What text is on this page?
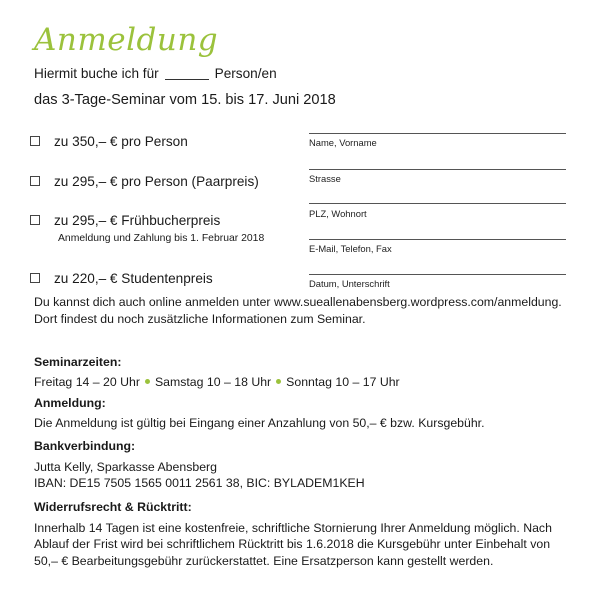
Anmeldung
Hiermit buche ich für	Person/en
das 3-Tage-Seminar vom 15. bis 17. Juni 2018
zu 350,– € pro Person
zu 295,– € pro Person (Paarpreis)
zu 295,– € Frühbucherpreis
Anmeldung und Zahlung bis 1. Februar 2018
zu 220,– € Studentenpreis
Name, Vorname
Strasse
PLZ, Wohnort
E-Mail, Telefon, Fax
Datum, Unterschrift
Du kannst dich auch online anmelden unter www.sueallenabensberg.wordpress.com/anmeldung.
Dort findest du noch zusätzliche Informationen zum Seminar.
Seminarzeiten:
Freitag 14 – 20 Uhr Samstag 10 – 18 Uhr Sonntag 10 – 17 Uhr
Anmeldung:
Die Anmeldung ist gültig bei Eingang einer Anzahlung von 50,– € bzw. Kursgebühr.
Bankverbindung:
Jutta Kelly, Sparkasse Abensberg
IBAN: DE15 7505 1565 0011 2561 38, BIC: BYLADEM1KEH
Widerrufsrecht & Rücktritt:
Innerhalb 14 Tagen ist eine kostenfreie, schriftliche Stornierung Ihrer Anmeldung möglich. Nach
Ablauf der Frist wird bei schriftlichem Rücktritt bis 1.6.2018 die Kursgebühr unter Einbehalt von
50,– € Bearbeitungsgebühr zurückerstattet. Eine Ersatzperson kann gestellt werden.
